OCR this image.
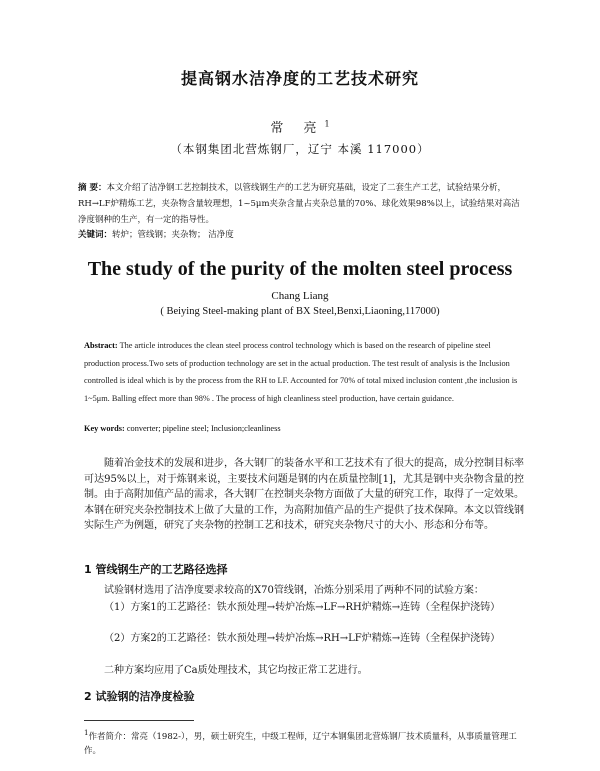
提高钢水洁净度的工艺技术研究
常 亮$^1$
（本钢集团北营炼钢厂，辽宁 本溪 117000）
摘 要：本文介绍了洁净钢工艺控制技术，以管线钢生产的工艺为研究基础，设定了二套生产工艺，试验结果分析，RH→LF炉精炼工艺，夹杂物含量较理想，1~5μm夹杂含量占夹杂总量的70%、球化效果98%以上，试验结果对高洁净度钢种的生产，有一定的指导性。
关键词：转炉；管线钢；夹杂物； 洁净度
The study of the purity of the molten steel process
Chang Liang
( Beiying Steel-making plant of BX Steel,Benxi,Liaoning,117000)
Abstract: The article introduces the clean steel process control technology which is based on the research of pipeline steel production process.Two sets of production technology are set in the actual production. The test result of analysis is the Inclusion controlled is ideal which is by the process from the RH to LF. Accounted for 70% of total mixed inclusion content ,the inclusion is 1~5μm. Balling effect more than 98% . The process of high cleanliness steel production, have certain guidance.
Key words: converter; pipeline steel; Inclusion;cleanliness
随着冶金技术的发展和进步，各大钢厂的装备水平和工艺技术有了很大的提高，成分控制目标率可达95%以上，对于炼钢来说，主要技术问题是钢的内在质量控制[1]，尤其是钢中夹杂物含量的控制。由于高附加值产品的需求，各大钢厂在控制夹杂物方面做了大量的研究工作，取得了一定效果。本钢在研究夹杂控制技术上做了大量的工作，为高附加值产品的生产提供了技术保障。本文以管线钢实际生产为例题，研究了夹杂物的控制工艺和技术，研究夹杂物尺寸的大小、形态和分布等。
1 管线钢生产的工艺路径选择
试验钢材选用了洁净度要求较高的X70管线钢，冶炼分别采用了两种不同的试验方案：
（1）方案1的工艺路径：铁水预处理→转炉冶炼→LF→RH炉精炼→连铸（全程保护浇铸）
（2）方案2的工艺路径：铁水预处理→转炉冶炼→RH→LF炉精炼→连铸（全程保护浇铸）
二种方案均应用了Ca质处理技术，其它均按正常工艺进行。
2 试验钢的洁净度检验
$^1$作者简介：常亮（1982-），男，硕士研究生，中级工程师，辽宁本钢集团北营炼钢厂技术质量科，从事质量管理工作。
